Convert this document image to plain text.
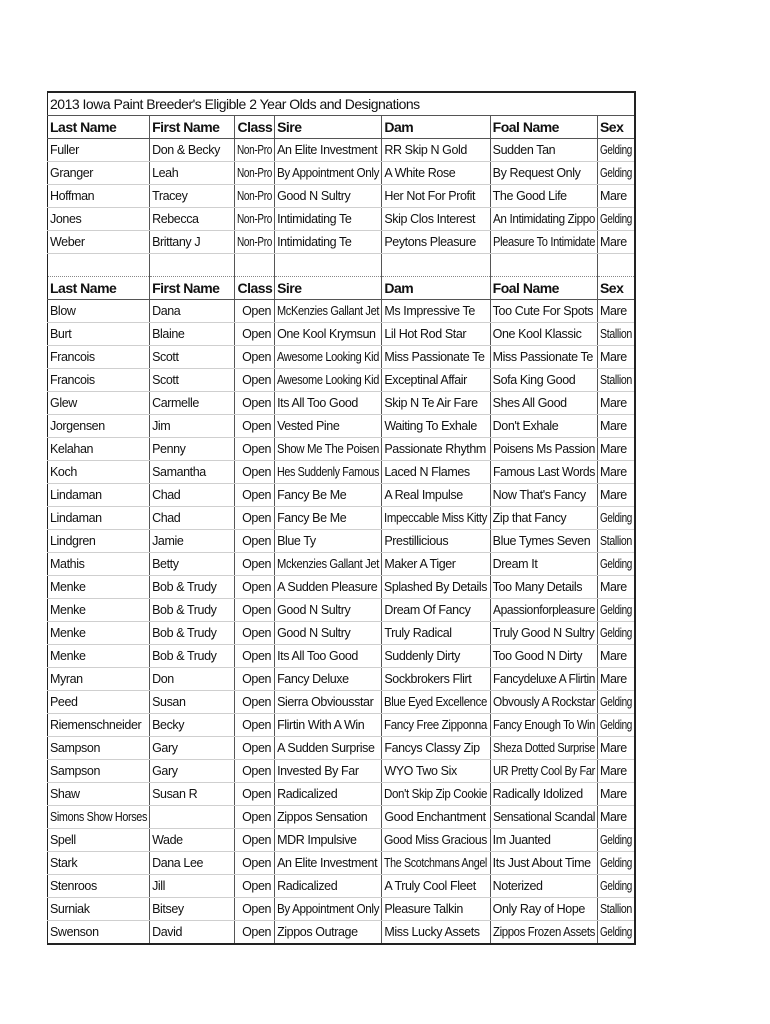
2013 Iowa Paint Breeder's Eligible 2 Year Olds and Designations						
Last Name	First Name	Class	Sire	Dam	Foal Name	Sex
Fuller	Don & Becky	Non-Pro	An Elite Investment	RR Skip N Gold	Sudden Tan	Gelding
Granger	Leah	Non-Pro	By Appointment Only	A White Rose	By Request Only	Gelding
Hoffman	Tracey	Non-Pro	Good N Sultry	Her Not For Profit	The Good Life	Mare
Jones	Rebecca	Non-Pro	Intimidating Te	Skip Clos Interest	An Intimidating Zippo	Gelding
Weber	Brittany J	Non-Pro	Intimidating Te	Peytons Pleasure	Pleasure To Intimidate	Mare

Last Name	First Name	Class	Sire	Dam	Foal Name	Sex
Blow	Dana	Open	McKenzies Gallant Jet	Ms Impressive Te	Too Cute For Spots	Mare
Burt	Blaine	Open	One Kool Krymsun	Lil Hot Rod Star	One Kool Klassic	Stallion
Francois	Scott	Open	Awesome Looking Kid	Miss Passionate Te	Miss Passionate Te	Mare
Francois	Scott	Open	Awesome Looking Kid	Exceptinal Affair	Sofa King Good	Stallion
Glew	Carmelle	Open	Its All Too Good	Skip N Te Air Fare	Shes All Good	Mare
Jorgensen	Jim	Open	Vested Pine	Waiting To Exhale	Don't Exhale	Mare
Kelahan	Penny	Open	Show Me The Poisen	Passionate Rhythm	Poisens Ms Passion	Mare
Koch	Samantha	Open	Hes Suddenly Famous	Laced N Flames	Famous Last Words	Mare
Lindaman	Chad	Open	Fancy Be Me	A Real Impulse	Now That's Fancy	Mare
Lindaman	Chad	Open	Fancy Be Me	Impeccable Miss Kitty	Zip that Fancy	Gelding
Lindgren	Jamie	Open	Blue Ty	Prestillicious	Blue Tymes Seven	Stallion
Mathis	Betty	Open	Mckenzies Gallant Jet	Maker A Tiger	Dream It	Gelding
Menke	Bob & Trudy	Open	A Sudden Pleasure	Splashed By Details	Too Many Details	Mare
Menke	Bob & Trudy	Open	Good N Sultry	Dream Of Fancy	Apassionforpleasure	Gelding
Menke	Bob & Trudy	Open	Good N Sultry	Truly Radical	Truly Good N Sultry	Gelding
Menke	Bob & Trudy	Open	Its All Too Good	Suddenly Dirty	Too Good N Dirty	Mare
Myran	Don	Open	Fancy Deluxe	Sockbrokers Flirt	Fancydeluxe A Flirtin	Mare
Peed	Susan	Open	Sierra Obviousstar	Blue Eyed Excellence	Obvously A Rockstar	Gelding
Riemenschneider	Becky	Open	Flirtin With A Win	Fancy Free Zipponna	Fancy Enough To Win	Gelding
Sampson	Gary	Open	A Sudden Surprise	Fancys Classy Zip	Sheza Dotted Surprise	Mare
Sampson	Gary	Open	Invested By Far	WYO Two Six	UR Pretty Cool By Far	Mare
Shaw	Susan R	Open	Radicalized	Don't Skip Zip Cookie	Radically Idolized	Mare
Simons Show Horses		Open	Zippos Sensation	Good Enchantment	Sensational Scandal	Mare
Spell	Wade	Open	MDR Impulsive	Good Miss Gracious	Im Juanted	Gelding
Stark	Dana Lee	Open	An Elite Investment	The Scotchmans Angel	Its Just About Time	Gelding
Stenroos	Jill	Open	Radicalized	A Truly Cool Fleet	Noterized	Gelding
Surniak	Bitsey	Open	By Appointment Only	Pleasure Talkin	Only Ray of Hope	Stallion
Swenson	David	Open	Zippos Outrage	Miss Lucky Assets	Zippos Frozen Assets	Gelding
